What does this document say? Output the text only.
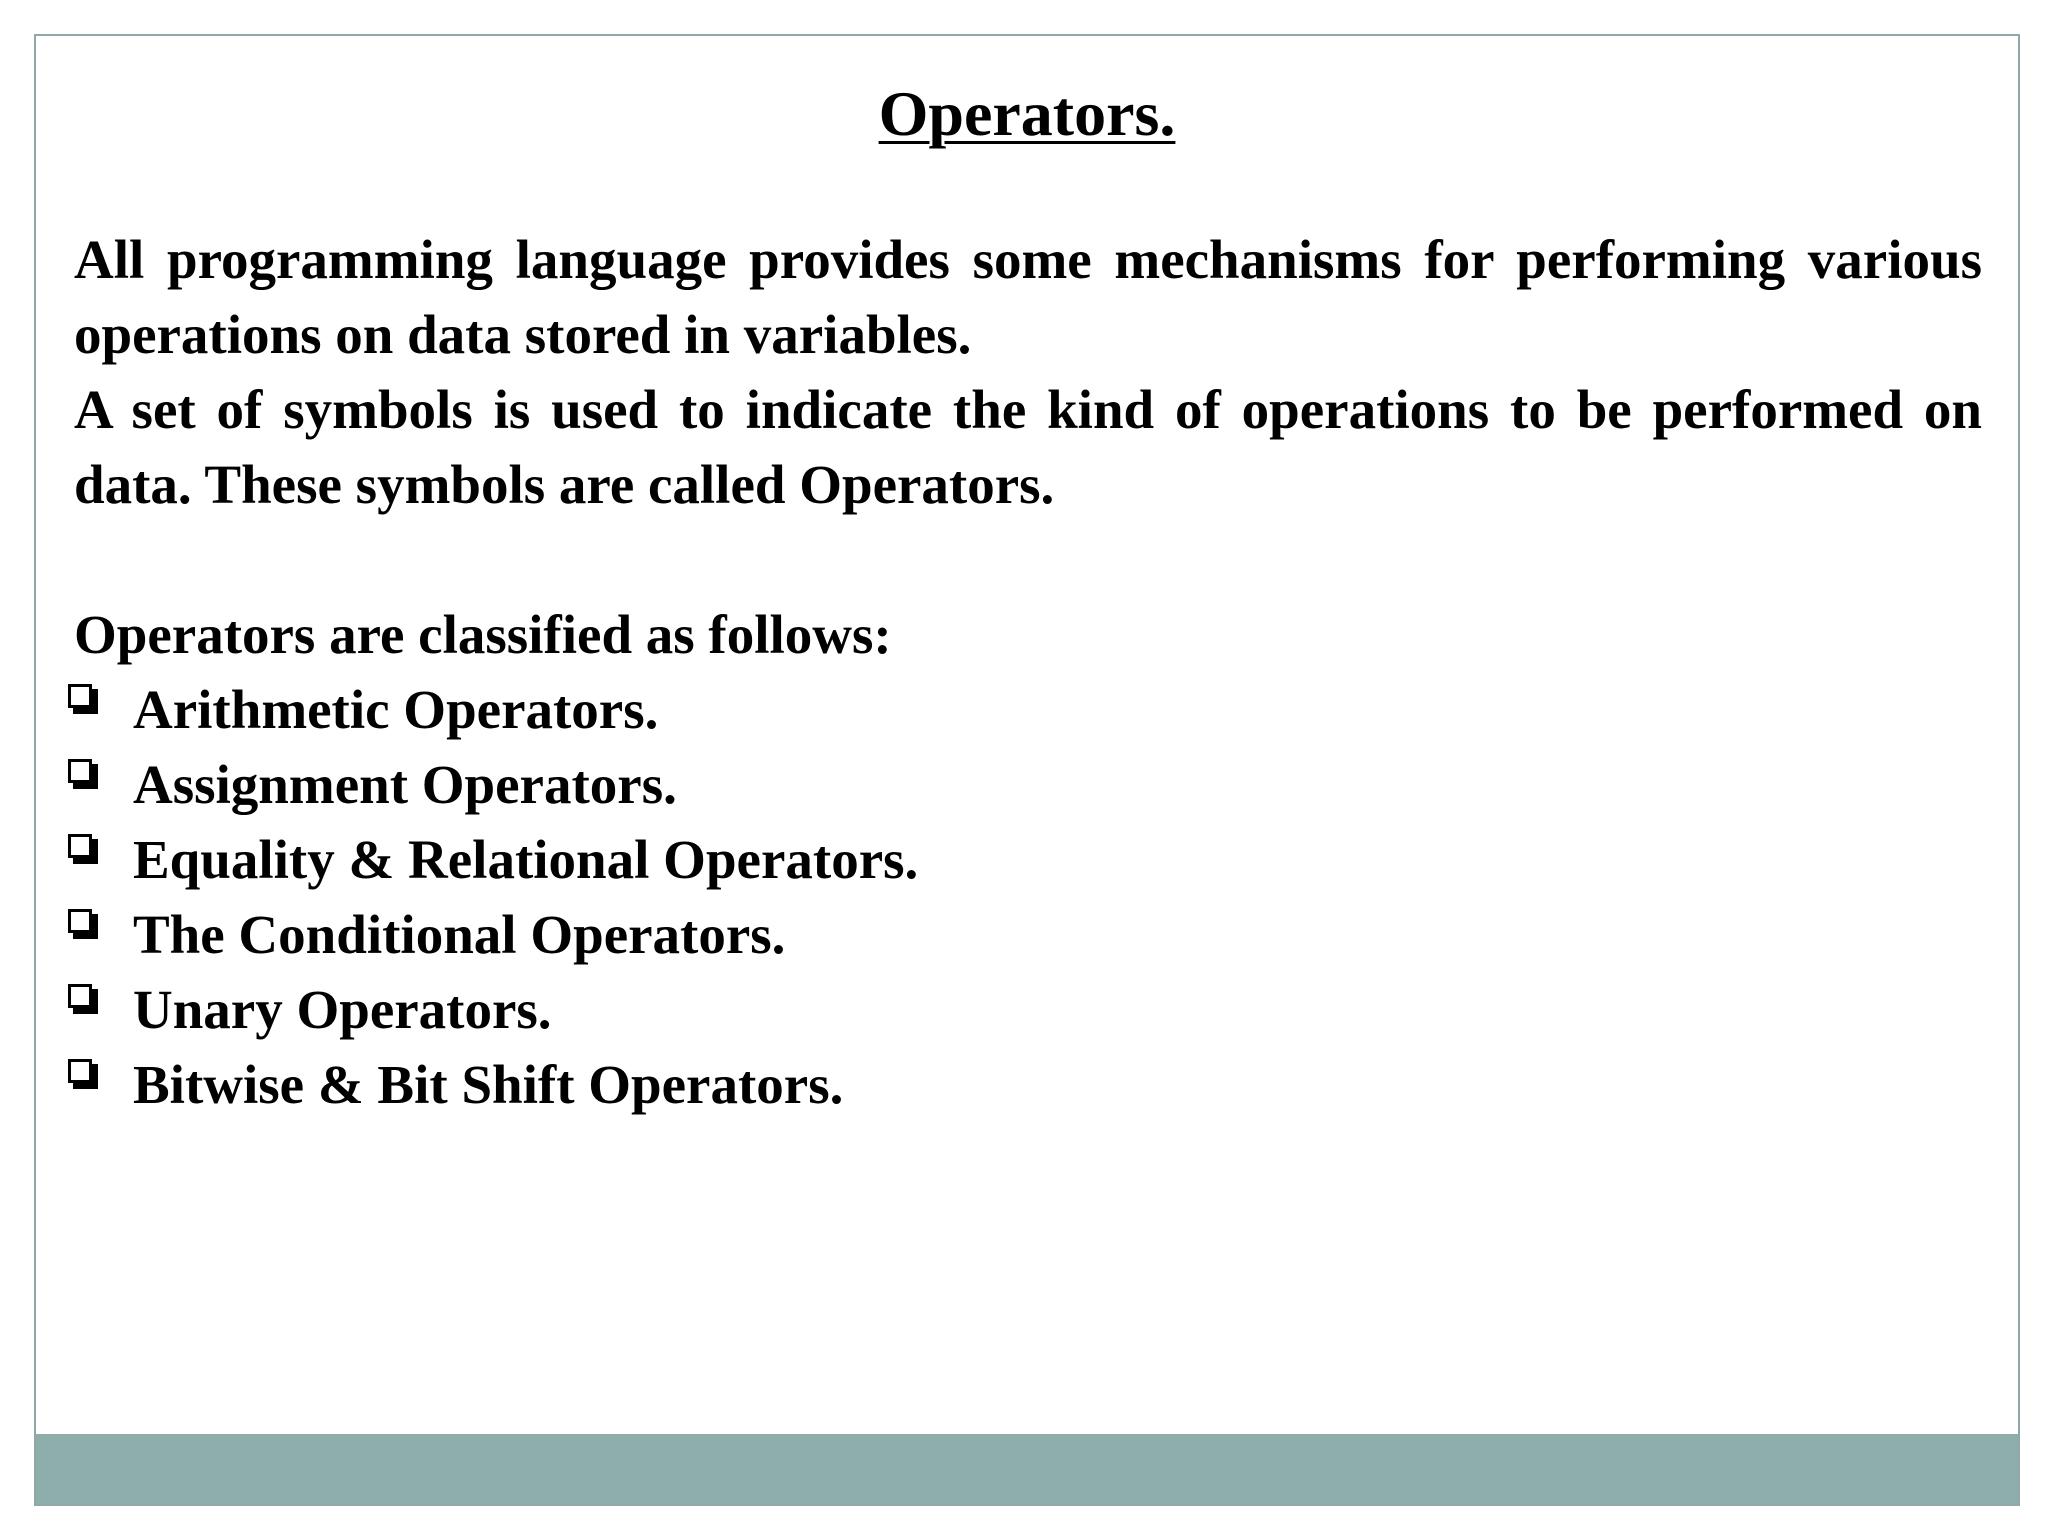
Operators.

All programming language provides some mechanisms for performing various operations on data stored in variables.

A set of symbols is used to indicate the kind of operations to be performed on data. These symbols are called Operators.

Operators are classified as follows:

Arithmetic Operators.
Assignment Operators.
Equality & Relational Operators.
The Conditional Operators.
Unary Operators.
Bitwise & Bit Shift Operators.
